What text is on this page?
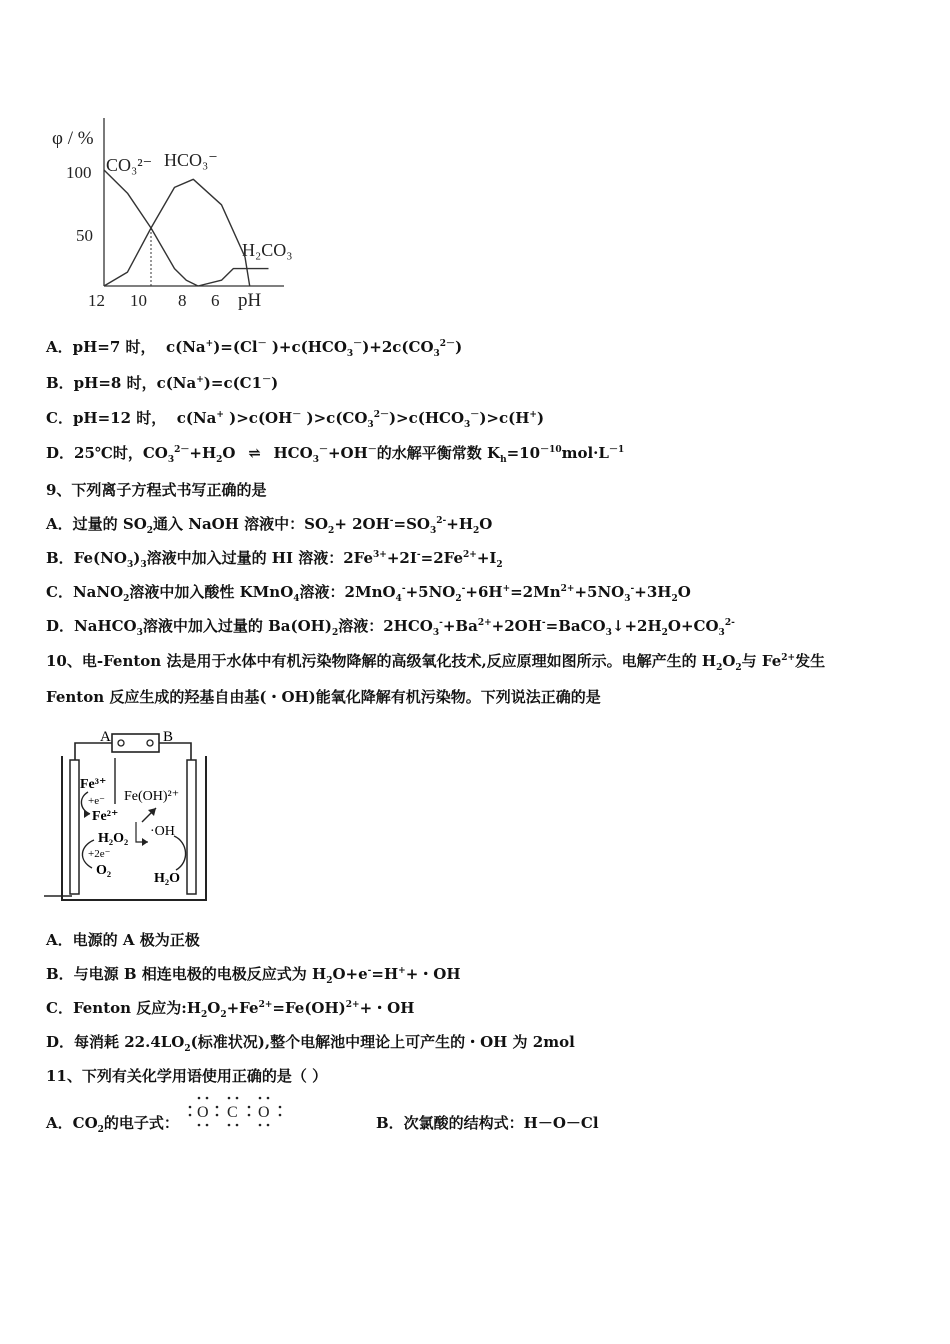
φ / %
100
50
12 10 8 6 pH
CO₃²⁻ HCO₃⁻
H₂CO₃
A．pH=7 时，  c(Na+)=(Cl－ )$+c(HCO_3^-)+2c(CO_3^{2-})$
B．pH=8 时，c(Na+)=c(C1－)
C．pH=12 时，  c(Na+ )>c(OH－ )$>c(CO_3^{2-})>c(HCO_3^-)>c(H^+)$
D．25℃时，$CO_3^{2-}+H_2O$ ⇌ $HCO_3^-+OH^-$的水解平衡常数 $K_h=10^{-10}mol\cdot L^{-1}$
9、下列离子方程式书写正确的是
A．过量的 $SO_2$通入 NaOH 溶液中：$SO_2+ 2OH^-=SO_3^{2-}+H_2O$
B．$Fe(NO_3)_3$溶液中加入过量的 HI 溶液：$2Fe^{3+}+2I^-=2Fe^{2+}+I_2$
C．NaNO$_2$溶液中加入酸性 KMnO$_4$溶液：$2MnO_4^-+5NO_2^-+6H^+=2Mn^{2+}+5NO_3^-+3H_2O$
D．NaHCO$_3$溶液中加入过量的 $Ba(OH)_2$溶液：$2HCO_3^-+Ba^{2+}+2OH^-=BaCO_3↓+2H_2O+CO_3^{2-}$
10、电-Fenton 法是用于水体中有机污染物降解的高级氧化技术,反应原理如图所示。电解产生的 $H_2O_2$与 $Fe^{2+}$发生
Fenton 反应生成的羟基自由基(・OH)能氧化降解有机污染物。下列说法正确的是
A	B
Fe³⁺
+e⁻
Fe²⁺
Fe(OH)²⁺
H₂O₂ ·OH
+2e⁻
O₂
H₂O
A．电源的 A 极为正极
B．与电源 B 相连电极的电极反应式为 $H_2O+e^-=H^++$・OH
C．Fenton 反应为$:H_2O_2+Fe^{2+}=Fe(OH)^{2+}+$・OH
D．每消耗 $22.4LO_2$(标准状况),整个电解池中理论上可产生的・OH 为 2mol
11、下列有关化学用语使用正确的是（ ）
A．$CO_2$的电子式：
O C O
B．次氯酸的结构式：H－O－Cl
